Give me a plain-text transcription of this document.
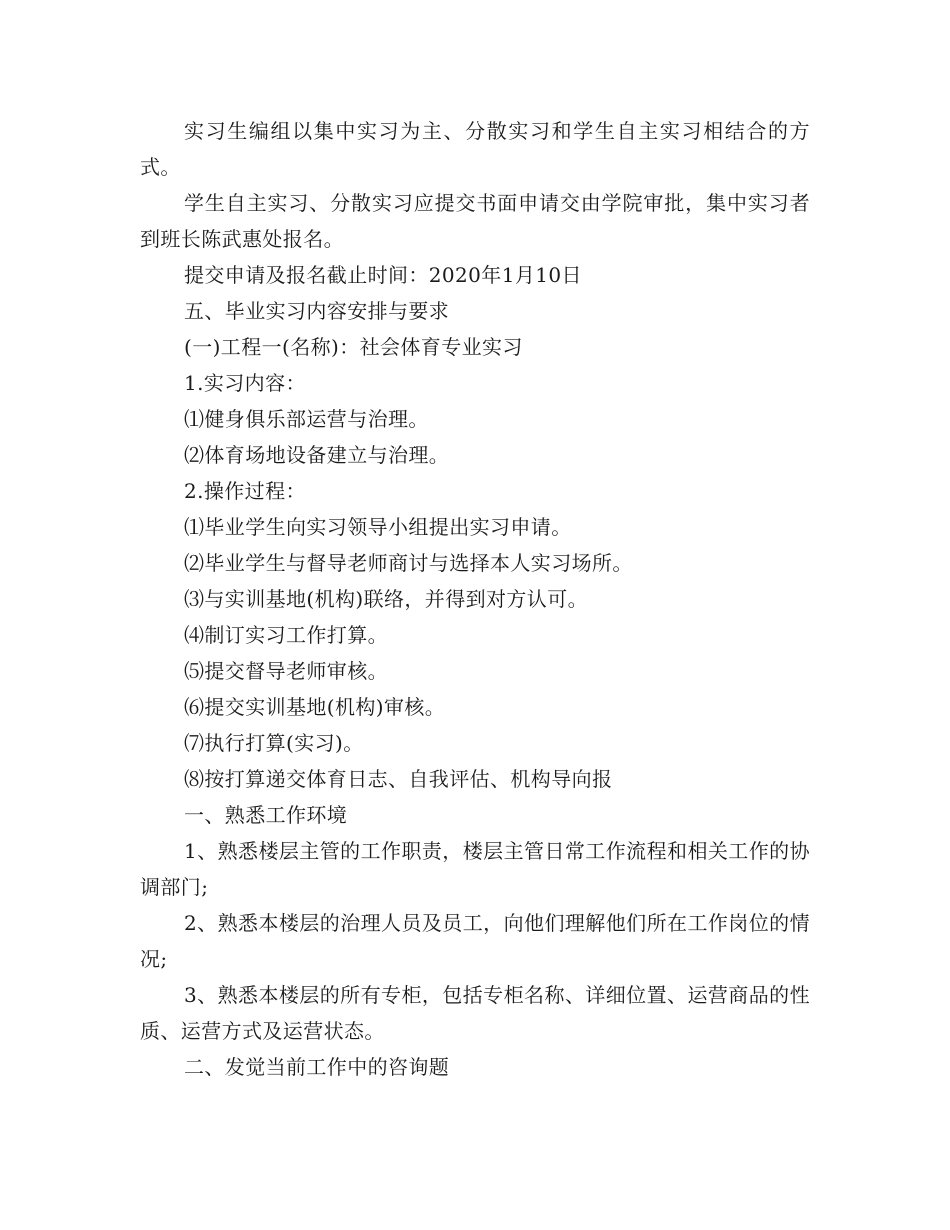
实习生编组以集中实习为主、分散实习和学生自主实习相结合的方式。

学生自主实习、分散实习应提交书面申请交由学院审批，集中实习者到班长陈武惠处报名。

提交申请及报名截止时间：2020年1月10日

五、毕业实习内容安排与要求

(一)工程一(名称)：社会体育专业实习

1.实习内容：

⑴健身俱乐部运营与治理。

⑵体育场地设备建立与治理。

2.操作过程：

⑴毕业学生向实习领导小组提出实习申请。

⑵毕业学生与督导老师商讨与选择本人实习场所。

⑶与实训基地(机构)联络，并得到对方认可。

⑷制订实习工作打算。

⑸提交督导老师审核。

⑹提交实训基地(机构)审核。

⑺执行打算(实习)。

⑻按打算递交体育日志、自我评估、机构导向报

一、熟悉工作环境

1、熟悉楼层主管的工作职责，楼层主管日常工作流程和相关工作的协调部门;

2、熟悉本楼层的治理人员及员工，向他们理解他们所在工作岗位的情况;

3、熟悉本楼层的所有专柜，包括专柜名称、详细位置、运营商品的性质、运营方式及运营状态。

二、发觉当前工作中的咨询题
